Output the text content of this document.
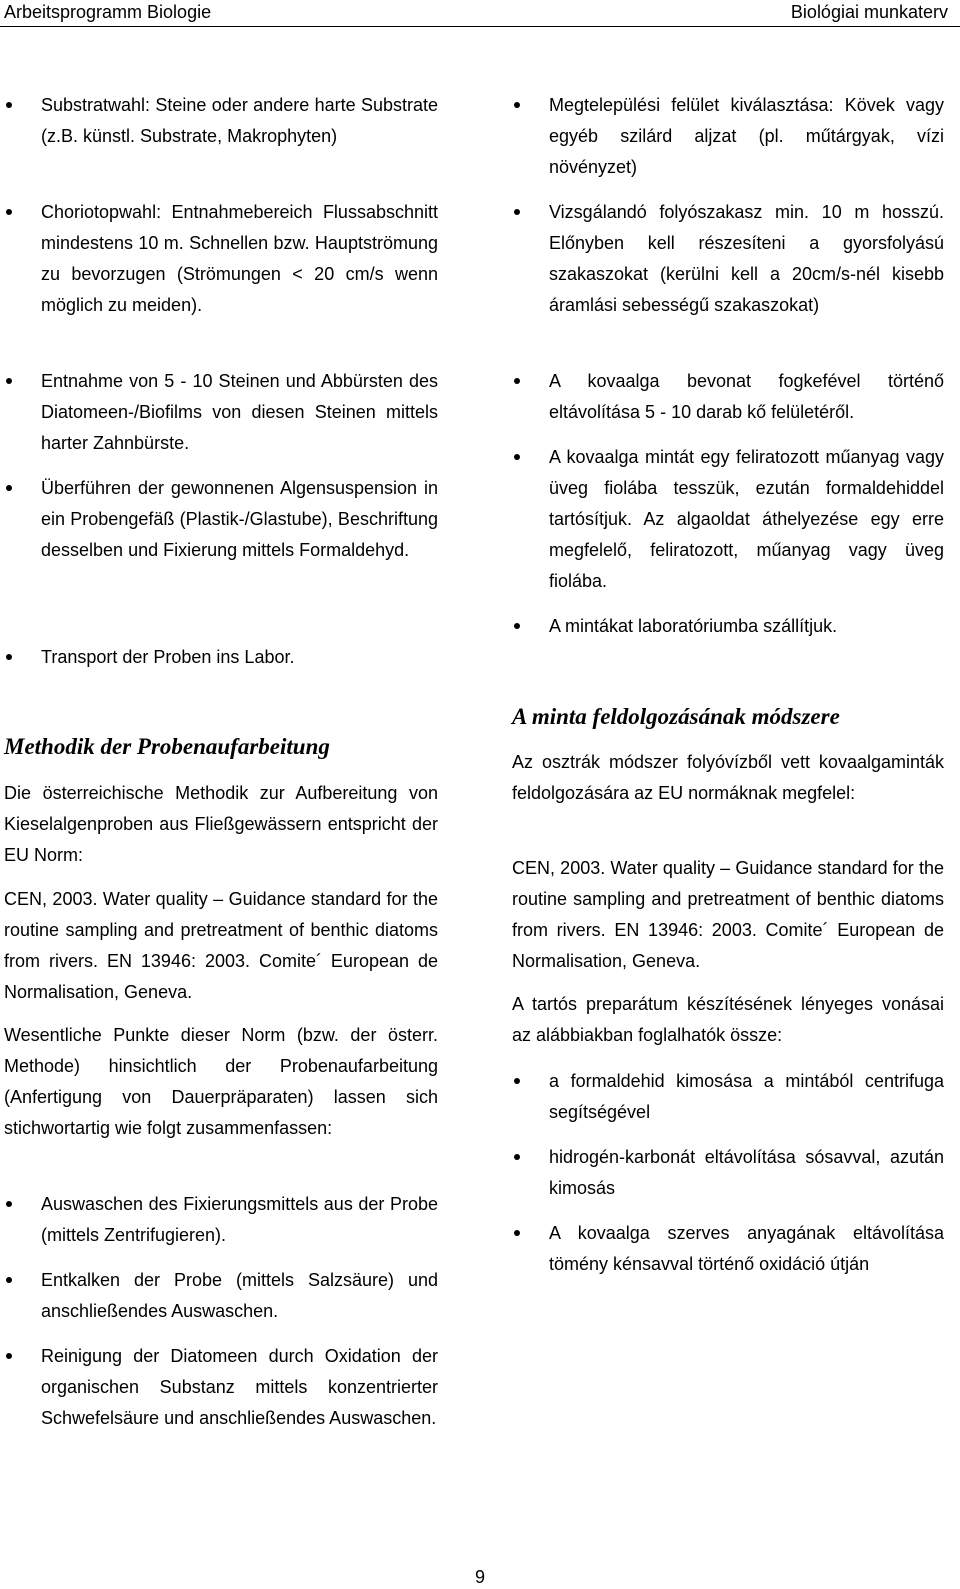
Arbeitsprogramm Biologie	Biológiai munkaterv
Substratwahl: Steine oder andere harte Substrate (z.B. künstl. Substrate, Makrophyten)
Choriotopwahl: Entnahmebereich Flussabschnitt mindestens 10 m. Schnellen bzw. Hauptströmung zu bevorzugen (Strömungen < 20 cm/s wenn möglich zu meiden).
Entnahme von 5 - 10 Steinen und Abbürsten des Diatomeen-/Biofilms von diesen Steinen mittels harter Zahnbürste.
Überführen der gewonnenen Algensuspension in ein Probengefäß (Plastik-/Glastube), Beschriftung desselben und Fixierung mittels Formaldehyd.
Transport der Proben ins Labor.
Methodik der Probenaufarbeitung

Die österreichische Methodik zur Aufbereitung von Kieselalgenproben aus Fließgewässern entspricht der EU Norm:

CEN, 2003. Water quality – Guidance standard for the routine sampling and pretreatment of benthic diatoms from rivers. EN 13946: 2003. Comite´ European de Normalisation, Geneva.

Wesentliche Punkte dieser Norm (bzw. der österr. Methode) hinsichtlich der Probenaufarbeitung (Anfertigung von Dauerpräparaten) lassen sich stichwortartig wie folgt zusammenfassen:

Auswaschen des Fixierungsmittels aus der Probe (mittels Zentrifugieren).
Entkalken der Probe (mittels Salzsäure) und anschließendes Auswaschen.
Reinigung der Diatomeen durch Oxidation der organischen Substanz mittels konzentrierter Schwefelsäure und anschließendes Auswaschen.
Megtelepülési felület kiválasztása: Kövek vagy egyéb szilárd aljzat (pl. műtárgyak, vízi növényzet)
Vizsgálandó folyószakasz min. 10 m hosszú. Előnyben kell részesíteni a gyorsfolyású szakaszokat (kerülni kell a 20cm/s-nél kisebb áramlási sebességű szakaszokat)
A kovaalga bevonat fogkefével történő eltávolítása 5 - 10 darab kő felületéről.
A kovaalga mintát egy feliratozott műanyag vagy üveg fiolába tesszük, ezután formaldehiddel tartósítjuk. Az algaoldat áthelyezése egy erre megfelelő, feliratozott, műanyag vagy üveg fiolába.
A mintákat laboratóriumba szállítjuk.
A minta feldolgozásának módszere

Az osztrák módszer folyóvízből vett kovaalgaminták feldolgozására az EU normáknak megfelel:

CEN, 2003. Water quality – Guidance standard for the routine sampling and pretreatment of benthic diatoms from rivers. EN 13946: 2003. Comite´ European de Normalisation, Geneva.

A tartós preparátum készítésének lényeges vonásai az alábbiakban foglalhatók össze:

a formaldehid kimosása a mintából centrifuga segítségével
hidrogén-karbonát eltávolítása sósavval, azután kimosás
A kovaalga szerves anyagának eltávolítása tömény kénsavval történő oxidáció útján
9
